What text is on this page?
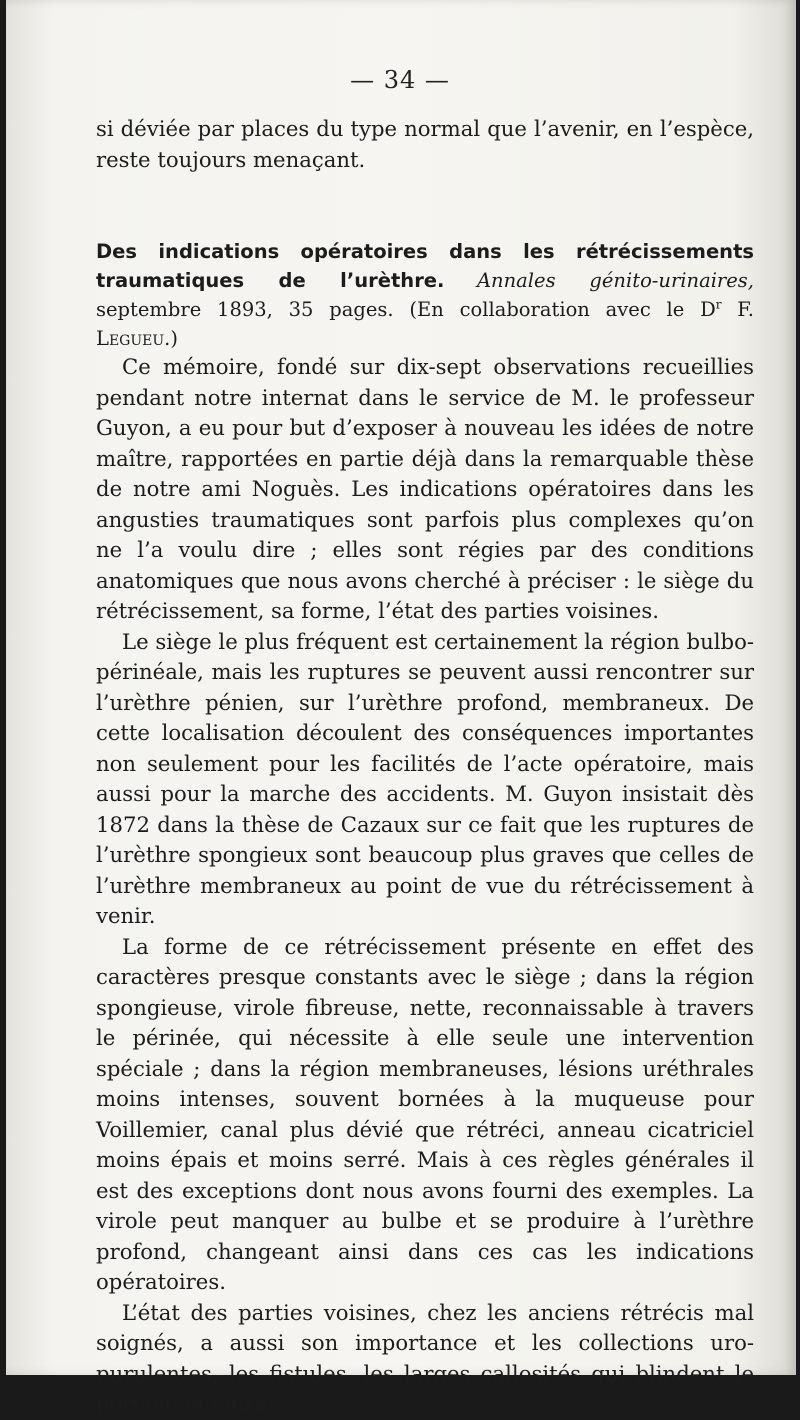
— 34 —

si déviée par places du type normal que l’avenir, en l’espèce, reste toujours menaçant.

Des indications opératoires dans les rétrécissements traumatiques de l’urèthre. Annales génito-urinaires, septembre 1893, 35 pages. (En collaboration avec le $D^r$ F. Legueu.)

Ce mémoire, fondé sur dix-sept observations recueillies pendant notre internat dans le service de M. le professeur Guyon, a eu pour but d’exposer à nouveau les idées de notre maître, rapportées en partie déjà dans la remarquable thèse de notre ami Noguès. Les indications opératoires dans les angusties traumatiques sont parfois plus complexes qu’on ne l’a voulu dire ; elles sont régies par des conditions anatomiques que nous avons cherché à préciser : le siège du rétrécissement, sa forme, l’état des parties voisines.

Le siège le plus fréquent est certainement la région bulbo-périnéale, mais les ruptures se peuvent aussi rencontrer sur l’urèthre pénien, sur l’urèthre profond, membraneux. De cette localisation découlent des conséquences importantes non seulement pour les facilités de l’acte opératoire, mais aussi pour la marche des accidents. M. Guyon insistait dès 1872 dans la thèse de Cazaux sur ce fait que les ruptures de l’urèthre spongieux sont beaucoup plus graves que celles de l’urèthre membraneux au point de vue du rétrécissement à venir.

La forme de ce rétrécissement présente en effet des caractères presque constants avec le siège ; dans la région spongieuse, virole fibreuse, nette, reconnaissable à travers le périnée, qui nécessite à elle seule une intervention spéciale ; dans la région membraneuses, lésions uréthrales moins intenses, souvent bornées à la muqueuse pour Voillemier, canal plus dévié que rétréci, anneau cicatriciel moins épais et moins serré. Mais à ces règles générales il est des exceptions dont nous avons fourni des exemples. La virole peut manquer au bulbe et se produire à l’urèthre profond, changeant ainsi dans ces cas les indications opératoires.

L’état des parties voisines, chez les anciens rétrécis mal soignés, a aussi son importance et les collections uro-purulentes, les fistules, les larges callosités qui blindent le périnée et cuiras-
